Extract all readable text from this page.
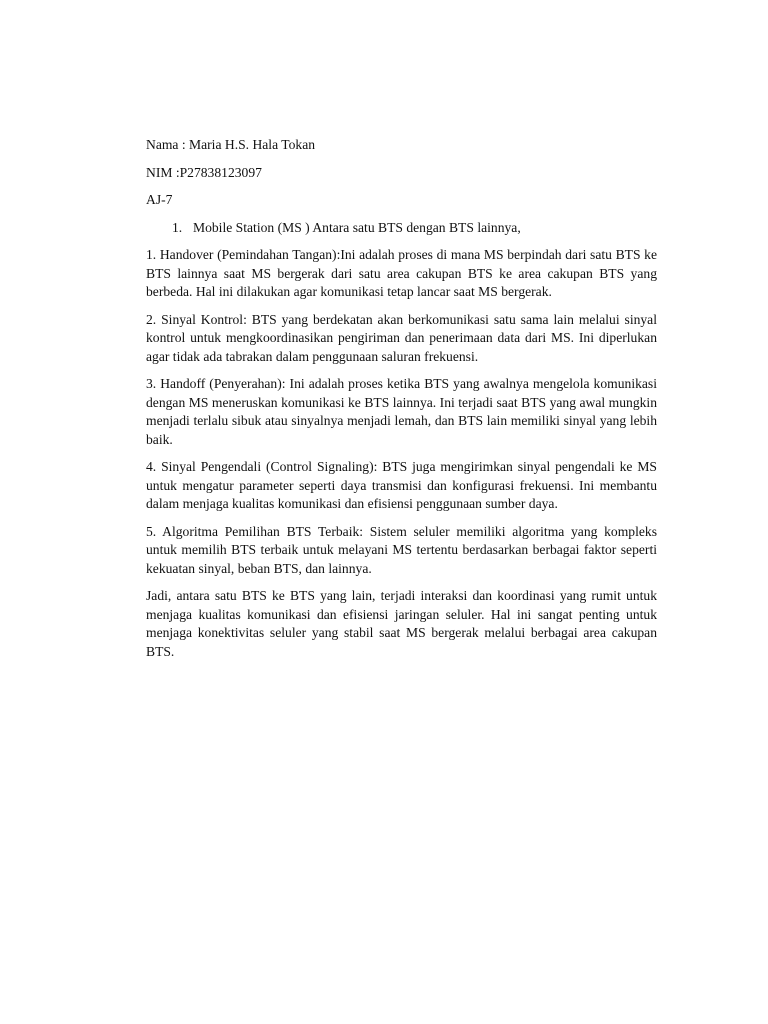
Nama : Maria H.S. Hala Tokan

NIM :P27838123097

AJ-7

1. Mobile Station (MS ) Antara satu BTS dengan BTS lainnya,

1. Handover (Pemindahan Tangan):Ini adalah proses di mana MS berpindah dari satu BTS ke BTS lainnya saat MS bergerak dari satu area cakupan BTS ke area cakupan BTS yang berbeda. Hal ini dilakukan agar komunikasi tetap lancar saat MS bergerak.

2. Sinyal Kontrol: BTS yang berdekatan akan berkomunikasi satu sama lain melalui sinyal kontrol untuk mengkoordinasikan pengiriman dan penerimaan data dari MS. Ini diperlukan agar tidak ada tabrakan dalam penggunaan saluran frekuensi.

3. Handoff (Penyerahan): Ini adalah proses ketika BTS yang awalnya mengelola komunikasi dengan MS meneruskan komunikasi ke BTS lainnya. Ini terjadi saat BTS yang awal mungkin menjadi terlalu sibuk atau sinyalnya menjadi lemah, dan BTS lain memiliki sinyal yang lebih baik.

4. Sinyal Pengendali (Control Signaling): BTS juga mengirimkan sinyal pengendali ke MS untuk mengatur parameter seperti daya transmisi dan konfigurasi frekuensi. Ini membantu dalam menjaga kualitas komunikasi dan efisiensi penggunaan sumber daya.

5. Algoritma Pemilihan BTS Terbaik: Sistem seluler memiliki algoritma yang kompleks untuk memilih BTS terbaik untuk melayani MS tertentu berdasarkan berbagai faktor seperti kekuatan sinyal, beban BTS, dan lainnya.

Jadi, antara satu BTS ke BTS yang lain, terjadi interaksi dan koordinasi yang rumit untuk menjaga kualitas komunikasi dan efisiensi jaringan seluler. Hal ini sangat penting untuk menjaga konektivitas seluler yang stabil saat MS bergerak melalui berbagai area cakupan BTS.
